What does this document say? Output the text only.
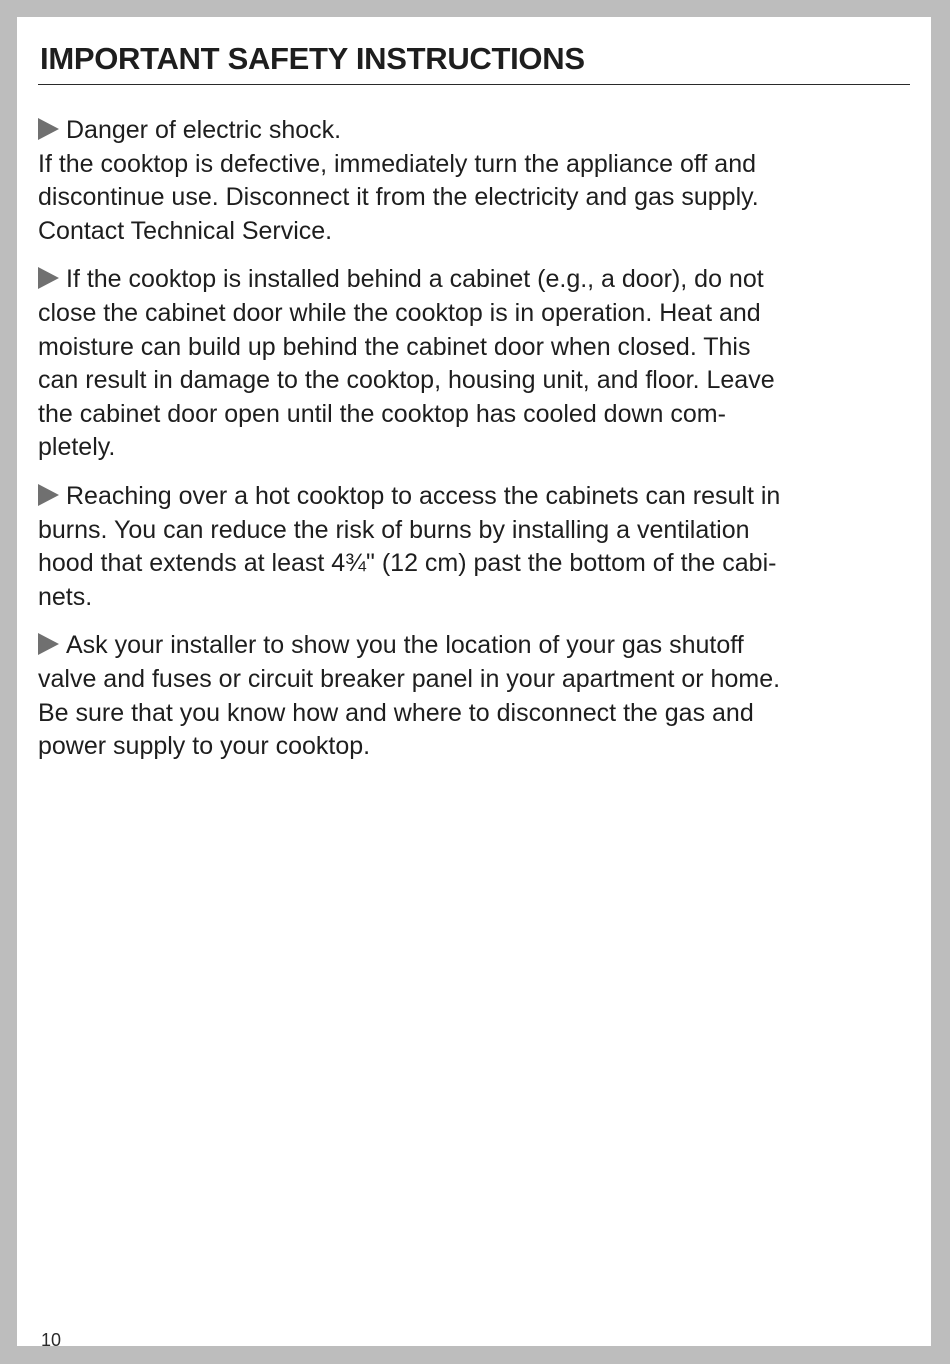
IMPORTANT SAFETY INSTRUCTIONS

Danger of electric shock.
If the cooktop is defective, immediately turn the appliance off and
discontinue use. Disconnect it from the electricity and gas supply.
Contact Technical Service.

If the cooktop is installed behind a cabinet (e.g., a door), do not
close the cabinet door while the cooktop is in operation. Heat and
moisture can build up behind the cabinet door when closed. This
can result in damage to the cooktop, housing unit, and floor. Leave
the cabinet door open until the cooktop has cooled down com-
pletely.

Reaching over a hot cooktop to access the cabinets can result in
burns. You can reduce the risk of burns by installing a ventilation
hood that extends at least 4¾" (12 cm) past the bottom of the cabi-
nets.

Ask your installer to show you the location of your gas shutoff
valve and fuses or circuit breaker panel in your apartment or home.
Be sure that you know how and where to disconnect the gas and
power supply to your cooktop.

10
